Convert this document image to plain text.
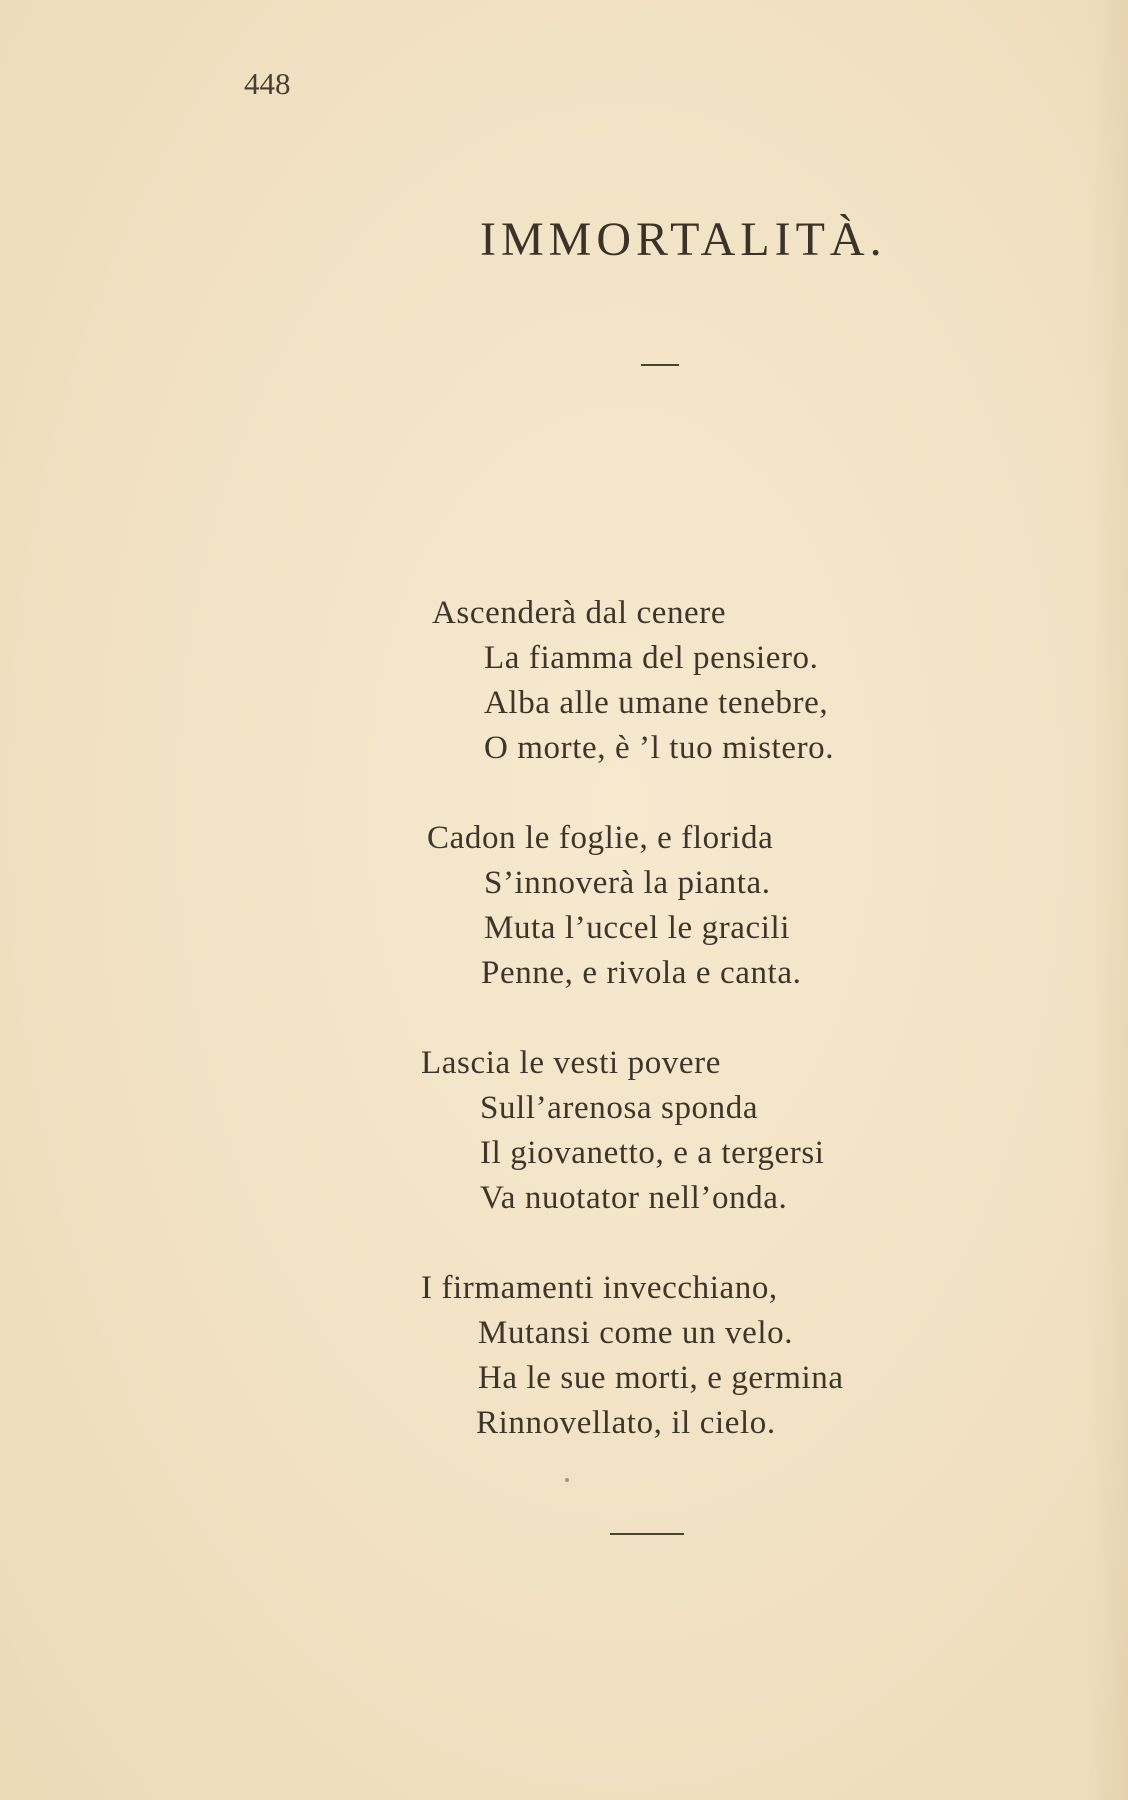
448
IMMORTALITÀ.
Ascenderà dal cenere
La fiamma del pensiero.
Alba alle umane tenebre,
O morte, è ’l tuo mistero.
Cadon le foglie, e florida
S’innoverà la pianta.
Muta l’uccel le gracili
Penne, e rivola e canta.
Lascia le vesti povere
Sull’arenosa sponda
Il giovanetto, e a tergersi
Va nuotator nell’onda.
I firmamenti invecchiano,
Mutansi come un velo.
Ha le sue morti, e germina
Rinnovellato, il cielo.
